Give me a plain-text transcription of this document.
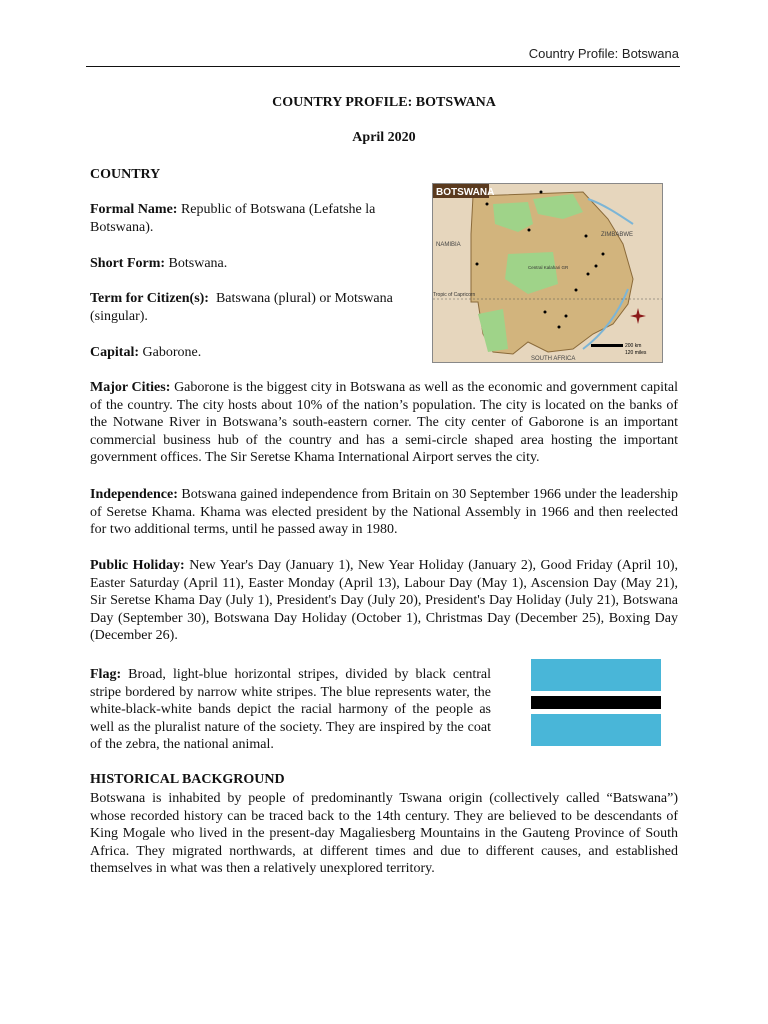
Country Profile: Botswana
COUNTRY PROFILE: BOTSWANA
April 2020
COUNTRY
Formal Name: Republic of Botswana (Lefatshe la Botswana).
Short Form: Botswana.
Term for Citizen(s):  Batswana (plural) or Motswana (singular).
Capital: Gaborone.
BOTSWANA
ZIMBABWE
NAMIBIA
SOUTH AFRICA
Central Kalahari GR
Tropic of Capricorn
200 km
120 miles
Major Cities: Gaborone is the biggest city in Botswana as well as the economic and government capital of the country. The city hosts about 10% of the nation’s population. The city is located on the banks of the Notwane River in Botswana’s south-eastern corner. The city center of Gaborone is an important commercial business hub of the country and has a semi-circle shaped area hosting the important government offices. The Sir Seretse Khama International Airport serves the city.
Independence: Botswana gained independence from Britain on 30 September 1966 under the leadership of Seretse Khama. Khama was elected president by the National Assembly in 1966 and then reelected for two additional terms, until he passed away in 1980.
Public Holiday: New Year's Day (January 1), New Year Holiday (January 2), Good Friday (April 10), Easter Saturday (April 11), Easter Monday (April 13), Labour Day (May 1), Ascension Day (May 21), Sir Seretse Khama Day (July 1), President's Day (July 20), President's Day Holiday (July 21), Botswana Day (September 30), Botswana Day Holiday (October 1), Christmas Day (December 25), Boxing Day (December 26).
Flag: Broad, light-blue horizontal stripes, divided by black central stripe bordered by narrow white stripes. The blue represents water, the white-black-white bands depict the racial harmony of the people as well as the pluralist nature of the society. They are inspired by the coat of the zebra, the national animal.
HISTORICAL BACKGROUND
Botswana is inhabited by people of predominantly Tswana origin (collectively called “Batswana”) whose recorded history can be traced back to the 14th century. They are believed to be descendants of King Mogale who lived in the present-day Magaliesberg Mountains in the Gauteng Province of South Africa. They migrated northwards, at different times and due to different causes, and established themselves in what was then a relatively unexplored territory.
